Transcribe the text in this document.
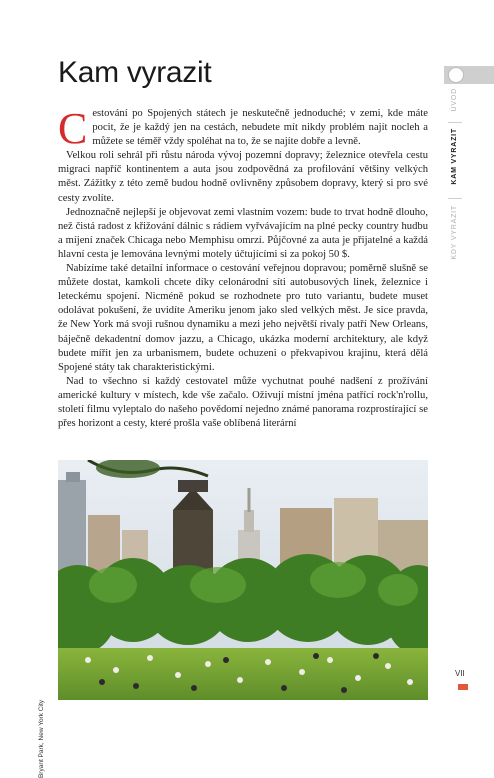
Kam vyrazit

Cestování po Spojených státech je neskutečně jednoduché; v zemi, kde máte pocit, že je každý jen na cestách, nebudete mít nikdy problém najít nocleh a můžete se téměř vždy spoléhat na to, že se najíte dobře a levně.

Velkou roli sehrál při růstu národa vývoj pozemní dopravy; železnice otevřela cestu migraci napříč kontinentem a auta jsou zodpovědná za profilování většiny velkých měst. Zážitky z této země budou hodně ovlivněny způsobem dopravy, který si pro své cesty zvolíte.

Jednoznačně nejlepší je objevovat zemi vlastním vozem: bude to trvat hodně dlouho, než čistá radost z křižování dálnic s rádiem vyřvávajícím na plné pecky country hudbu a míjení značek Chicaga nebo Memphisu omrzí. Půjčovné za auta je přijatelné a každá hlavní cesta je lemována levnými motely účtujícími si za pokoj 50 $.

Nabízíme také detailní informace o cestování veřejnou dopravou; poměrně slušně se můžete dostat, kamkoli chcete díky celonárodní síti autobusových linek, železnice i leteckému spojení. Nicméně pokud se rozhodnete pro tuto variantu, budete muset odolávat pokušení, že uvidíte Ameriku jenom jako sled velkých měst. Je sice pravda, že New York má svoji rušnou dynamiku a mezi jeho největší rivaly patří New Orleans, báječně dekadentní domov jazzu, a Chicago, ukázka moderní architektury, ale když budete mířit jen za urbanismem, budete ochuzeni o překvapivou krajinu, která dělá Spojené státy tak charakteristickými.

Nad to všechno si každý cestovatel může vychutnat pouhé nadšení z prožívání americké kultury v místech, kde vše začalo. Oživují místní jména patřící rock'n'rollu, století filmu vyleptalo do našeho povědomí nejedno známé panorama rozprostírající se přes horizont a cesty, které prošla vaše oblíbená literární

ÚVOD
KAM VYRAZIT
KDY VYRAZIT
Bryant Park, New York City
VII
